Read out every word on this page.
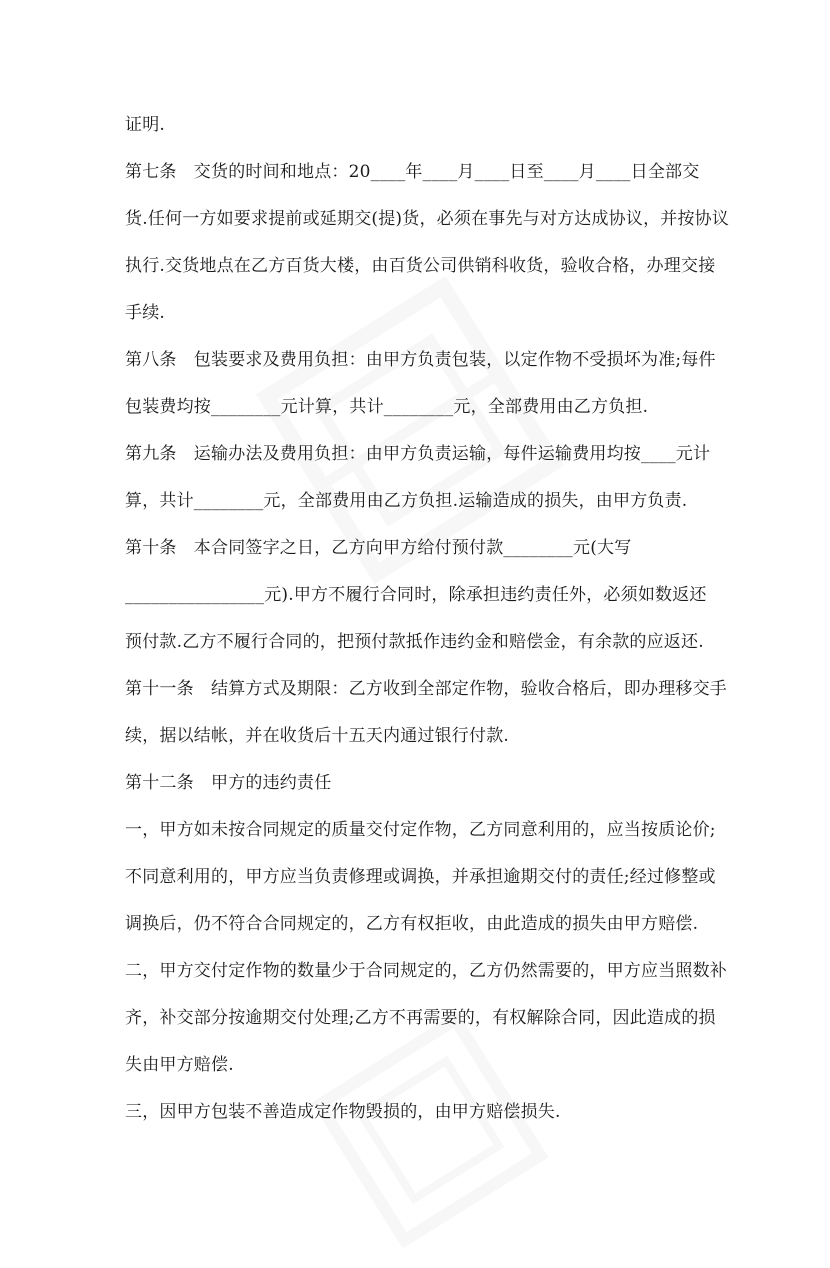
证明.
第七条　交货的时间和地点：20____年____月____日至____月____日全部交
货.任何一方如要求提前或延期交(提)货，必须在事先与对方达成协议，并按协议
执行.交货地点在乙方百货大楼，由百货公司供销科收货，验收合格，办理交接
手续.
第八条　包装要求及费用负担：由甲方负责包装，以定作物不受损坏为准;每件
包装费均按________元计算，共计________元，全部费用由乙方负担.
第九条　运输办法及费用负担：由甲方负责运输，每件运输费用均按____元计
算，共计________元，全部费用由乙方负担.运输造成的损失，由甲方负责.
第十条　本合同签字之日，乙方向甲方给付预付款________元(大写
________________元).甲方不履行合同时，除承担违约责任外，必须如数返还
预付款.乙方不履行合同的，把预付款抵作违约金和赔偿金，有余款的应返还.
第十一条　结算方式及期限：乙方收到全部定作物，验收合格后，即办理移交手
续，据以结帐，并在收货后十五天内通过银行付款.
第十二条　甲方的违约责任
一，甲方如未按合同规定的质量交付定作物，乙方同意利用的，应当按质论价;
不同意利用的，甲方应当负责修理或调换，并承担逾期交付的责任;经过修整或
调换后，仍不符合合同规定的，乙方有权拒收，由此造成的损失由甲方赔偿.
二，甲方交付定作物的数量少于合同规定的，乙方仍然需要的，甲方应当照数补
齐，补交部分按逾期交付处理;乙方不再需要的，有权解除合同，因此造成的损
失由甲方赔偿.
三，因甲方包装不善造成定作物毁损的，由甲方赔偿损失.
